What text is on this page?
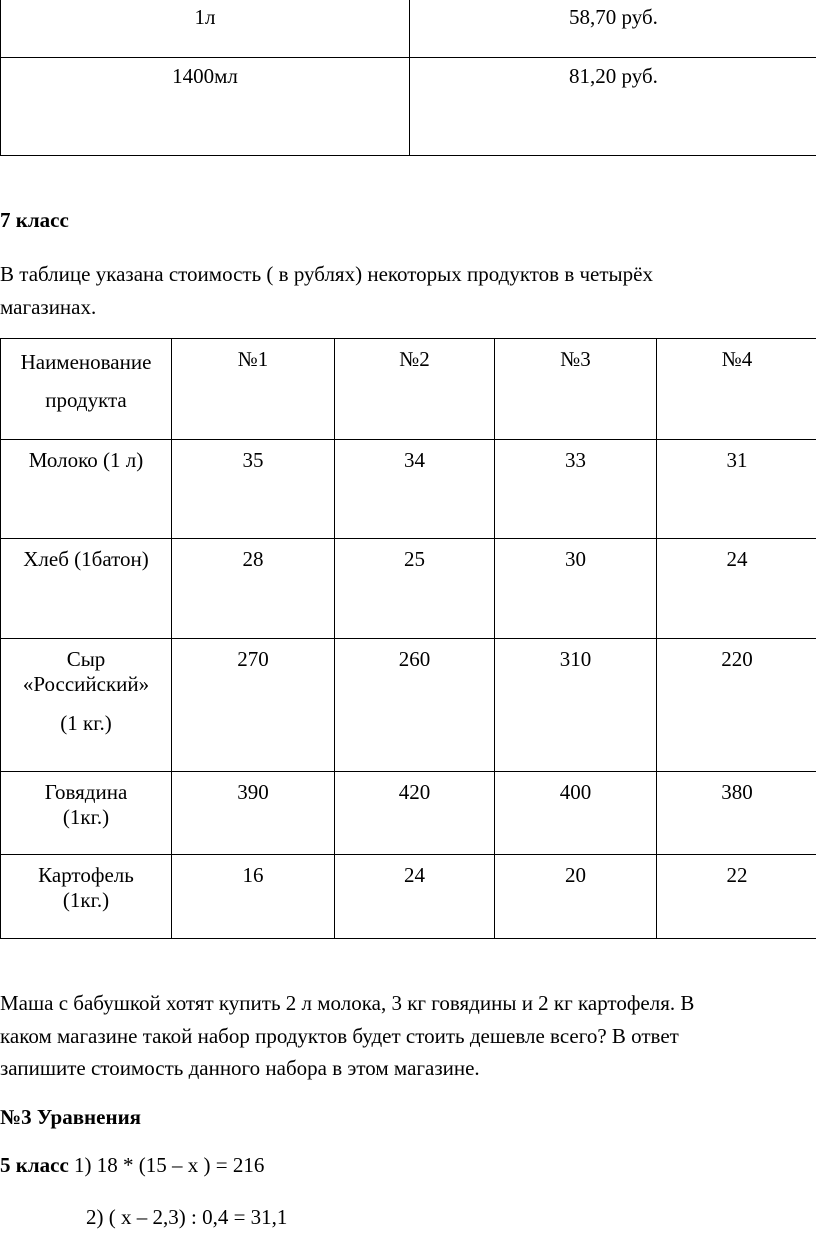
1л	58,70 руб.
1400мл	81,20 руб.
7 класс
В таблице указана стоимость ( в рублях) некоторых продуктов в четырёх
магазинах.
Наименование
продукта	№1	№2	№3	№4

Молоко (1 л)	35	34	33	31

Хлеб (1батон)	28	25	30	24

Сыр
«Российский»
(1 кг.)	270	260	310	220

Говядина
(1кг.)	390	420	400	380

Картофель
(1кг.)	16	24	20	22
Маша с бабушкой хотят купить 2 л молока, 3 кг говядины и 2 кг картофеля. В
каком магазине такой набор продуктов будет стоить дешевле всего? В ответ
запишите стоимость данного набора в этом магазине.
№3 Уравнения
5 класс 1) 18 * (15 – х ) = 216
2) ( х – 2,3) : 0,4 = 31,1
